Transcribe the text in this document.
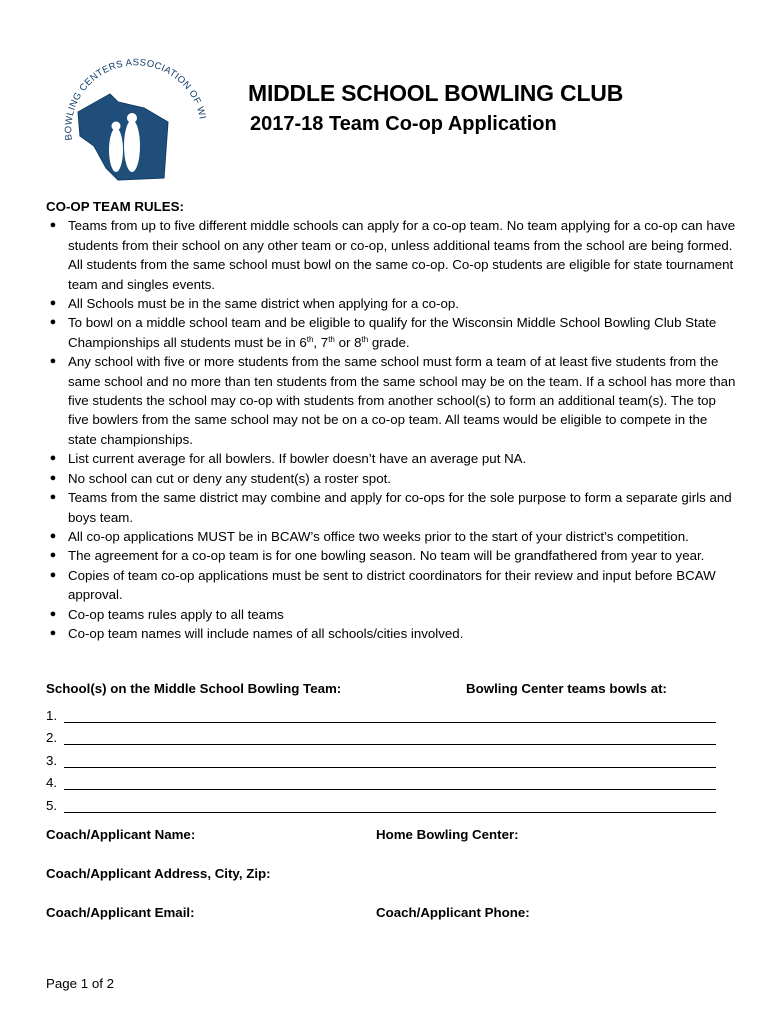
BOWLING CENTERS ASSOCIATION OF WI
MIDDLE SCHOOL BOWLING CLUB
2017-18 Team Co-op Application
CO-OP TEAM RULES:
● Teams from up to five different middle schools can apply for a co-op team. No team applying for a co-op can have students from their school on any other team or co-op, unless additional teams from the school are being formed. All students from the same school must bowl on the same co-op. Co-op students are eligible for state tournament team and singles events.
● All Schools must be in the same district when applying for a co-op.
● To bowl on a middle school team and be eligible to qualify for the Wisconsin Middle School Bowling Club State Championships all students must be in 6th, 7th or 8th grade.
● Any school with five or more students from the same school must form a team of at least five students from the same school and no more than ten students from the same school may be on the team. If a school has more than five students the school may co-op with students from another school(s) to form an additional team(s). The top five bowlers from the same school may not be on a co-op team. All teams would be eligible to compete in the state championships.
● List current average for all bowlers. If bowler doesn’t have an average put NA.
● No school can cut or deny any student(s) a roster spot.
● Teams from the same district may combine and apply for co-ops for the sole purpose to form a separate girls and boys team.
● All co-op applications MUST be in BCAW’s office two weeks prior to the start of your district’s competition.
● The agreement for a co-op team is for one bowling season. No team will be grandfathered from year to year.
● Copies of team co-op applications must be sent to district coordinators for their review and input before BCAW approval.
● Co-op teams rules apply to all teams
● Co-op team names will include names of all schools/cities involved.
School(s) on the Middle School Bowling Team:	Bowling Center teams bowls at:
1.
2.
3.
4.
5.
Coach/Applicant Name:	Home Bowling Center:
Coach/Applicant Address, City, Zip:
Coach/Applicant Email:	Coach/Applicant Phone:
Page 1 of 2
